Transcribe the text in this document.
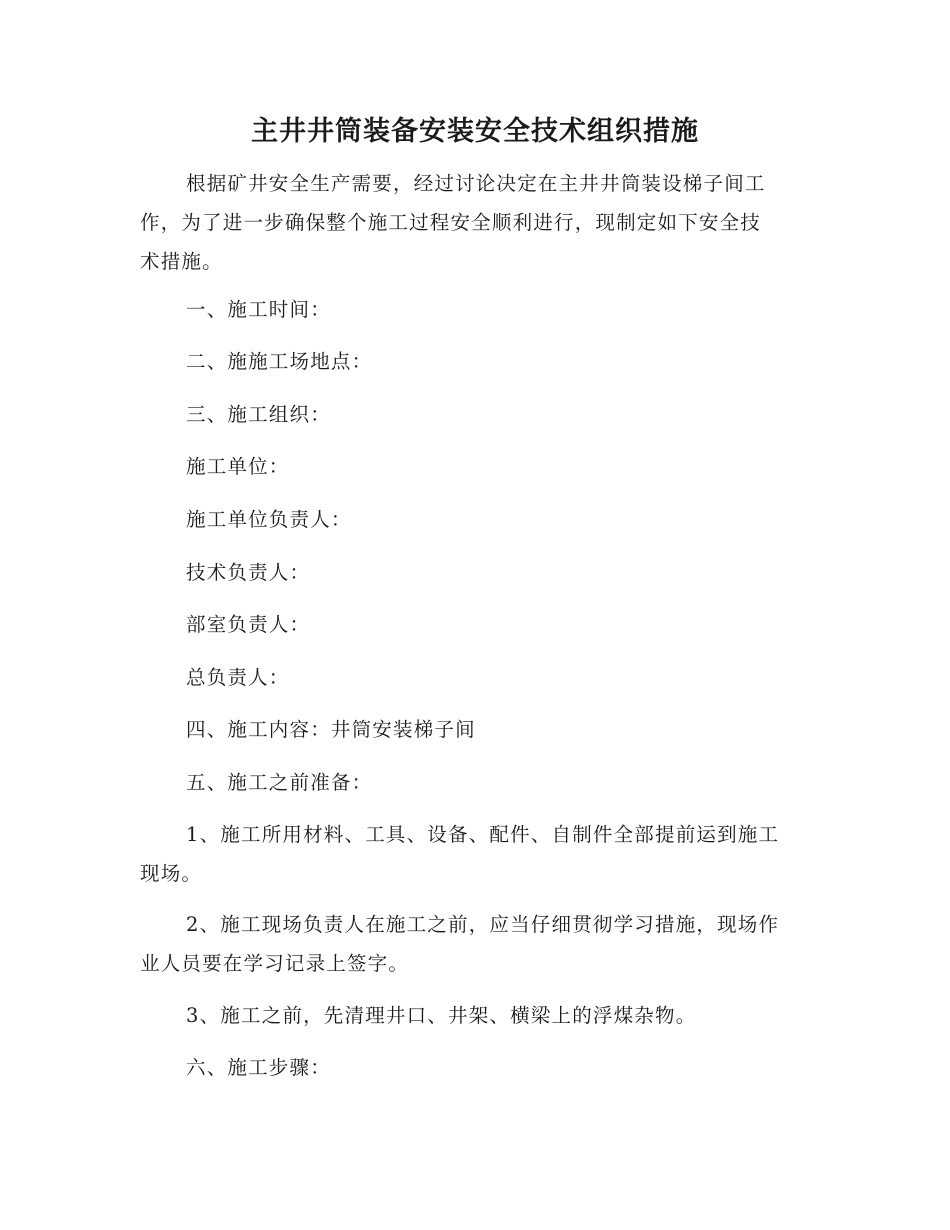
主井井筒装备安装安全技术组织措施

根据矿井安全生产需要，经过讨论决定在主井井筒装设梯子间工
作，为了进一步确保整个施工过程安全顺利进行，现制定如下安全技
术措施。

一、施工时间：

二、施施工场地点：

三、施工组织：

施工单位：

施工单位负责人：

技术负责人：

部室负责人：

总负责人：

四、施工内容：井筒安装梯子间

五、施工之前准备：

1、施工所用材料、工具、设备、配件、自制件全部提前运到施工
现场。

2、施工现场负责人在施工之前，应当仔细贯彻学习措施，现场作
业人员要在学习记录上签字。

3、施工之前，先清理井口、井架、横梁上的浮煤杂物。

六、施工步骤：
